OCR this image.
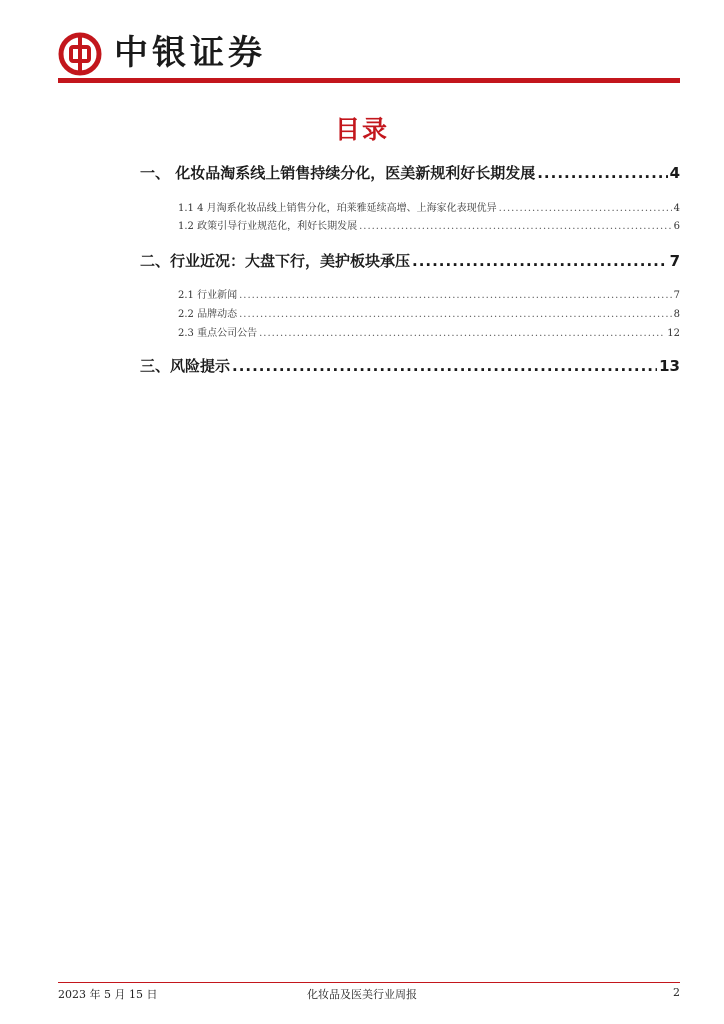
中银证券
目录
一、 化妆品淘系线上销售持续分化，医美新规利好长期发展 .....	4
1.1 4 月淘系化妆品线上销售分化，珀莱雅延续高增、上海家化表现优异 .....	4
1.2 政策引导行业规范化，利好长期发展 .....	6
二、行业近况：大盘下行，美护板块承压 .....	7
2.1 行业新闻 .....	7
2.2 品牌动态 .....	8
2.3 重点公司公告 .....	12
三、风险提示 .....	13
2023 年 5 月 15 日	化妆品及医美行业周报	2
